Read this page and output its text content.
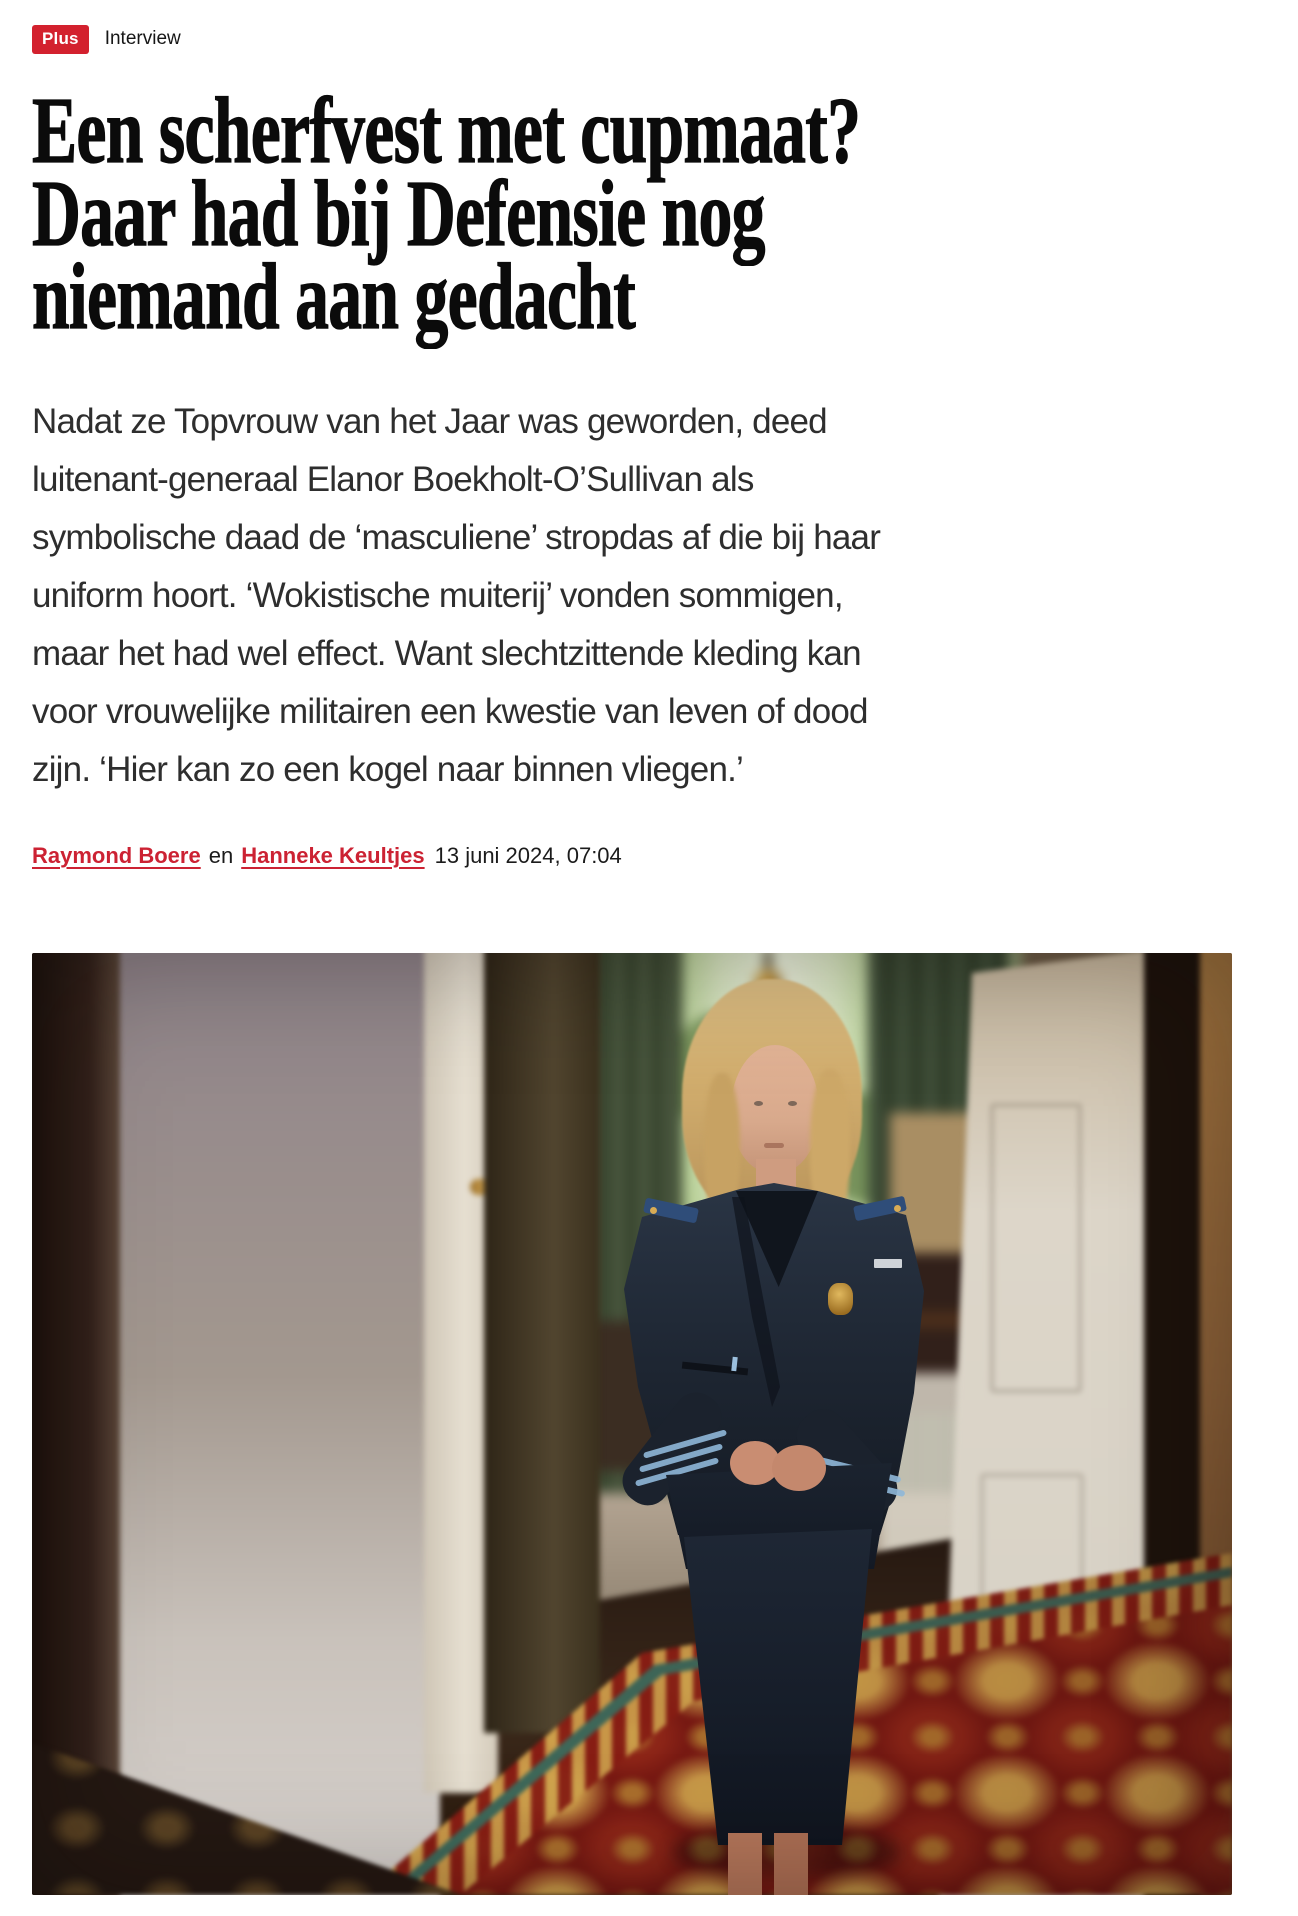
Plus	Interview
Een scherfvest met cupmaat?
Daar had bij Defensie nog
niemand aan gedacht

Nadat ze Topvrouw van het Jaar was geworden, deed
luitenant-generaal Elanor Boekholt-O’Sullivan als
symbolische daad de ‘masculiene’ stropdas af die bij haar
uniform hoort. ‘Wokistische muiterij’ vonden sommigen,
maar het had wel effect. Want slechtzittende kleding kan
voor vrouwelijke militairen een kwestie van leven of dood
zijn. ‘Hier kan zo een kogel naar binnen vliegen.’

Raymond Boere en Hanneke Keultjes 13 juni 2024, 07:04
